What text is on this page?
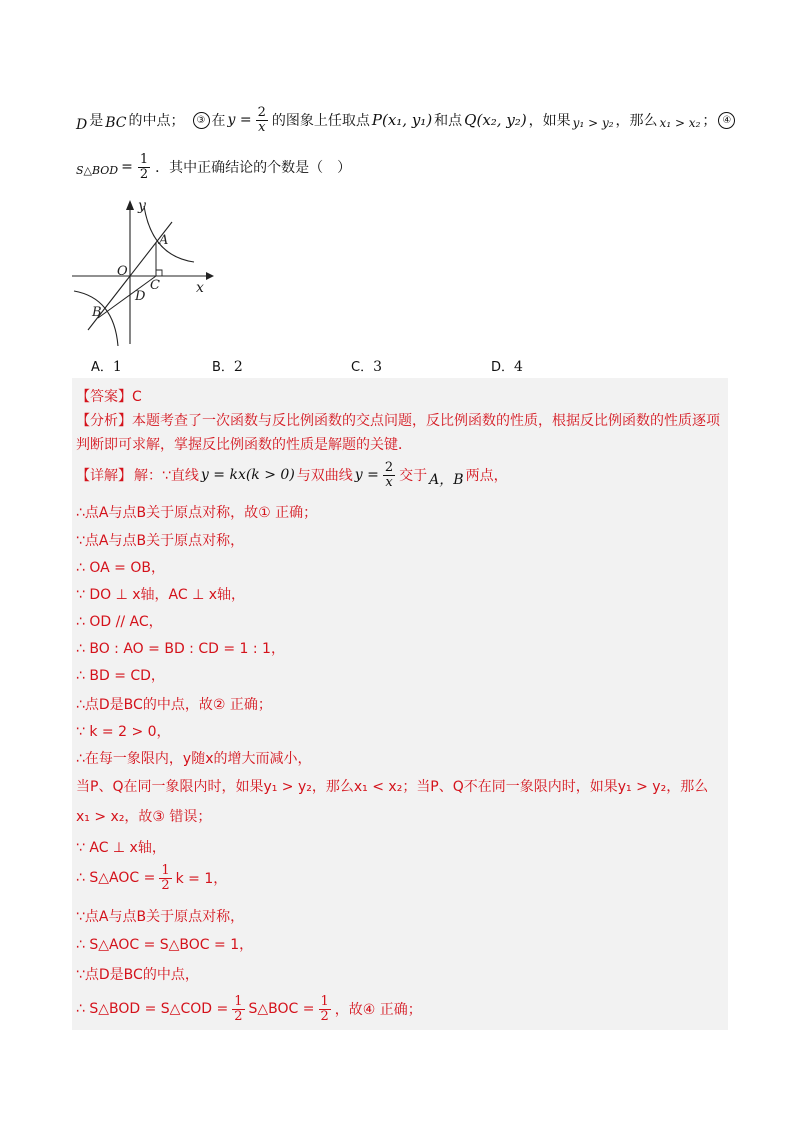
D 是 BC 的中点；	③ 在 $y = \frac{2}{x}$ 的图象上任取点 P(x₁, y₁) 和点 Q(x₂, y₂) ，如果 y₁ > y₂ ，那么 x₁ > x₂ ； ④
S△BOD = $\frac{1}{2}$ ．其中正确结论的个数是（　）
y
x
O
A
C
D
B
A．1	B．2	C．3	D．4
【答案】C
【分析】本题考查了一次函数与反比例函数的交点问题，反比例函数的性质，根据反比例函数的性质逐项
判断即可求解，掌握反比例函数的性质是解题的关键．
【详解】 解：∵直线 y = kx(k > 0) 与双曲线 $y = \frac{2}{x}$ 交于 A，B 两点，
∴点A与点B关于原点对称，故① 正确；
∵点A与点B关于原点对称，
∴ OA = OB，
∵ DO ⊥ x轴，AC ⊥ x轴，
∴ OD // AC，
∴ BO : AO = BD : CD = 1 : 1，
∴ BD = CD，
∴点D是BC的中点，故② 正确；
∵ k = 2 > 0，
∴在每一象限内，y随x的增大而减小，
当P、Q在同一象限内时，如果y₁ > y₂，那么x₁ < x₂；当P、Q不在同一象限内时，如果y₁ > y₂，那么
x₁ > x₂，故③ 错误；
∵ AC ⊥ x轴，
∴ S△AOC = $\frac{1}{2}$ k = 1，
∵点A与点B关于原点对称，
∴ S△AOC = S△BOC = 1，
∵点D是BC的中点，
∴ S△BOD = S△COD = $\frac{1}{2}$ S△BOC = $\frac{1}{2}$ ，故④ 正确；
